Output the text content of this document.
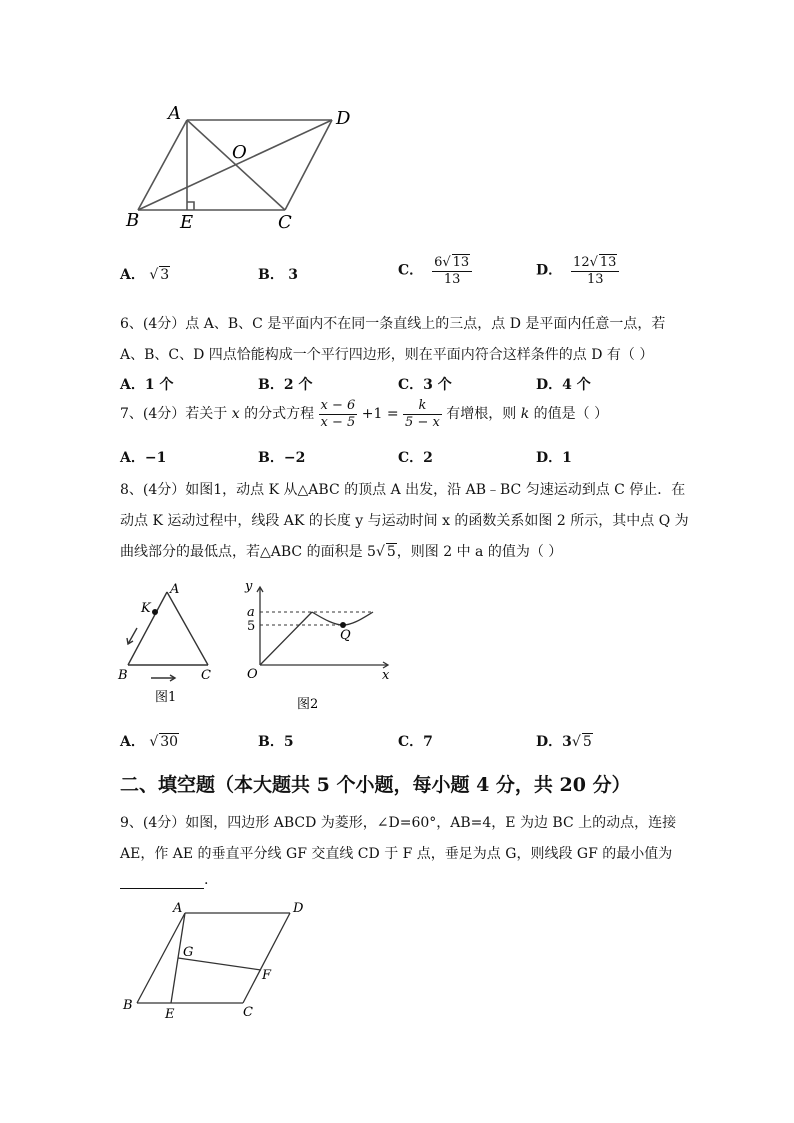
A	D
O
B E	C
A． √ 3	B． 3	C． $\frac{6√ 13}{13}$	D． $\frac{12√ 13}{13}$
6、(4分）点 A、B、C 是平面内不在同一条直线上的三点，点 D 是平面内任意一点，若
A、B、C、D 四点恰能构成一个平行四边形，则在平面内符合这样条件的点 D 有（ ）
A．1 个	B．2 个	C．3 个	D．4 个
7、(4分）若关于 x 的分式方程 $\frac{x - 6}{x - 5} +1 = \frac{k}{5 - x}$ 有增根，则 k 的值是（ ）
A．−1	B．−2	C．2	D．1
8、(4分）如图1，动点 K 从△ABC 的顶点 A 出发，沿 AB﹣BC 匀速运动到点 C 停止．在
动点 K 运动过程中，线段 AK 的长度 y 与运动时间 x 的函数关系如图 2 所示，其中点 Q 为
曲线部分的最低点，若△ABC 的面积是 5√ 5，则图 2 中 a 的值为（ ）
A
K
B	C
图1
y
a
5
Q
O	x
图2
A． √ 30	B．5	C．7	D．3√ 5
二、填空题（本大题共 5 个小题，每小题 4 分，共 20 分）
9、(4分）如图，四边形 ABCD 为菱形，∠D=60°，AB=4，E 为边 BC 上的动点，连接
AE，作 AE 的垂直平分线 GF 交直线 CD 于 F 点，垂足为点 G，则线段 GF 的最小值为
.
A	D
G
F
B
E	C
